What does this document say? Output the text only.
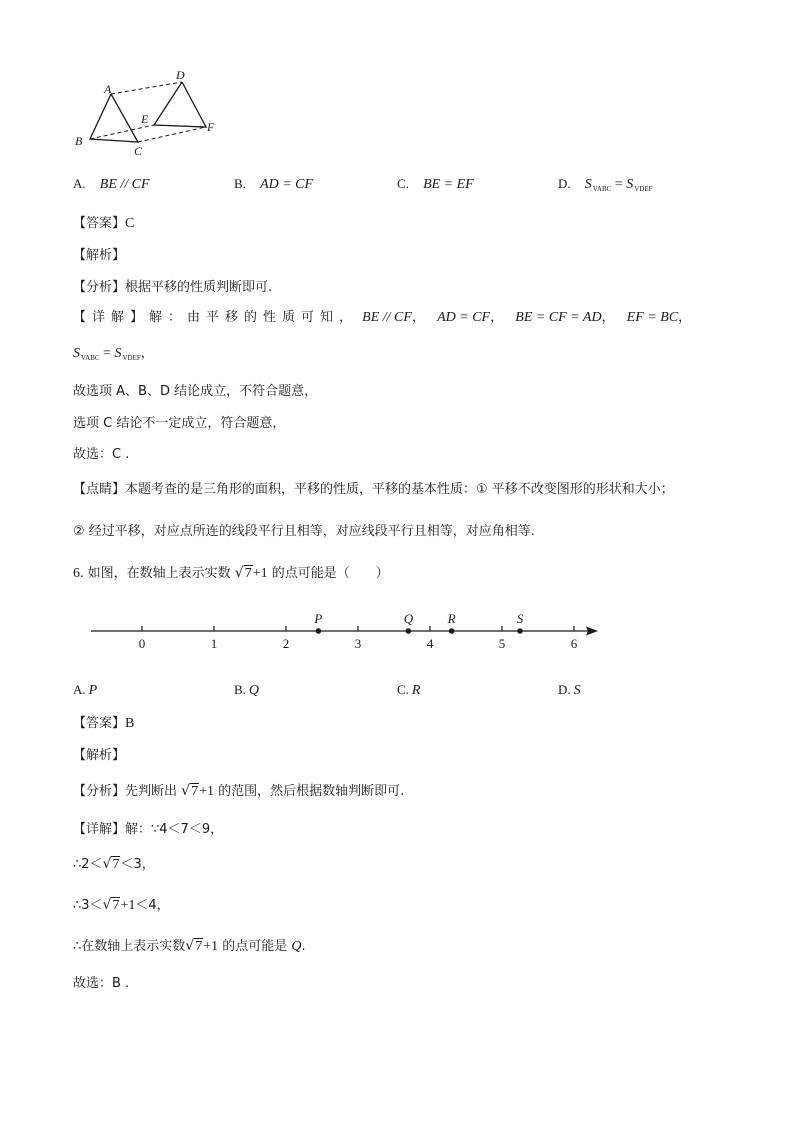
A
B
C
D
E
F
A. BE // CF	B. AD = CF	C. BE = EF	D. $S_{VABC} = S_{VDEF}$
【答案】C
【解析】
【分析】根据平移的性质判断即可.
【详解】解：由平移的性质可知， BE // CF， AD = CF， BE = CF = AD， EF = BC，
$S_{VABC} = S_{VDEF}$，
故选项 A、B、D 结论成立，不符合题意，
选项 C 结论不一定成立，符合题意，
故选：C .
【点睛】本题考查的是三角形的面积，平移的性质，平移的基本性质：① 平移不改变图形的形状和大小；
② 经过平移，对应点所连的线段平行且相等，对应线段平行且相等，对应角相等.
6. 如图，在数轴上表示实数 √7+1 的点可能是（　　）
0	1	2	3	4	5	6
P	Q	R	S
A. P	B. Q	C. R	D. S
【答案】B
【解析】
【分析】先判断出 √7+1 的范围，然后根据数轴判断即可.
【详解】解：∵4＜7＜9，
∴2＜√7＜3，
∴3＜√7+1＜4，
∴在数轴上表示实数√7+1 的点可能是 Q.
故选：B .
